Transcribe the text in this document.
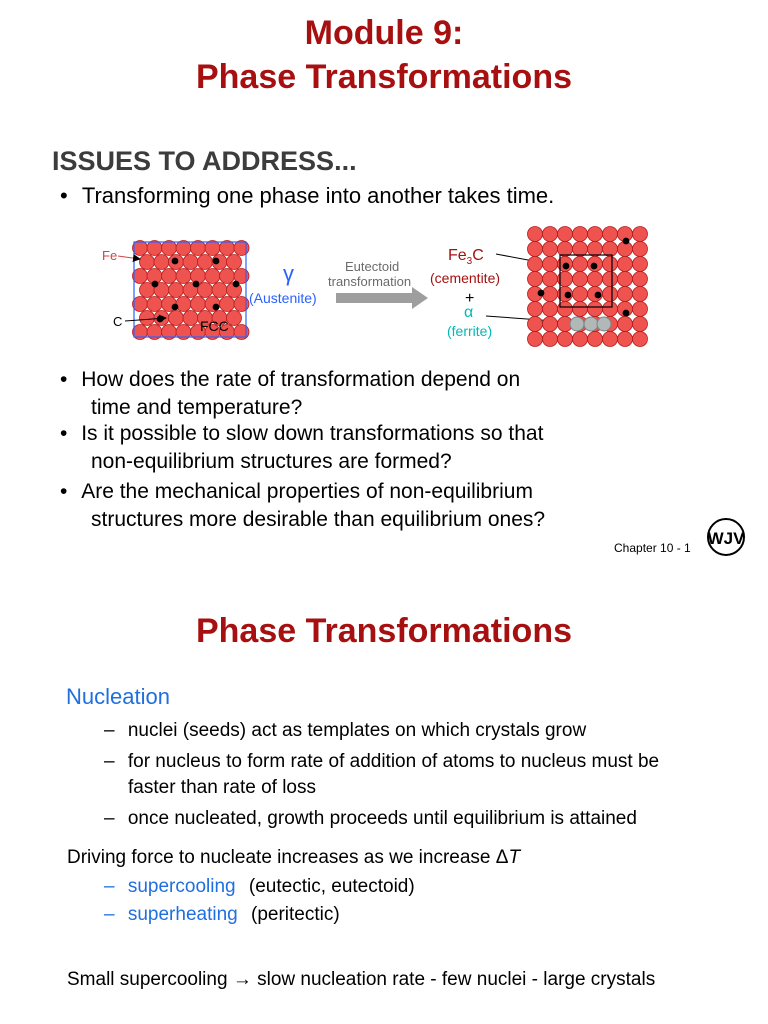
Module 9:
Phase Transformations
ISSUES TO ADDRESS...
• Transforming one phase into another takes time.
Fe
C	FCC
γ
(Austenite)
Eutectoid
transformation
$Fe_3C$
(cementite)
+
α
(ferrite)
• How does the rate of transformation depend on
time and temperature?
• Is it possible to slow down transformations so that
non-equilibrium structures are formed?
• Are the mechanical properties of non-equilibrium
structures more desirable than equilibrium ones?
Chapter 10 - 1 WJV
Phase Transformations
Nucleation
– nuclei (seeds) act as templates on which crystals grow
– for nucleus to form rate of addition of atoms to nucleus must be
faster than rate of loss
– once nucleated, growth proceeds until equilibrium is attained
Driving force to nucleate increases as we increase ΔT
– supercooling (eutectic, eutectoid)
– superheating (peritectic)
Small supercooling → slow nucleation rate - few nuclei - large crystals
